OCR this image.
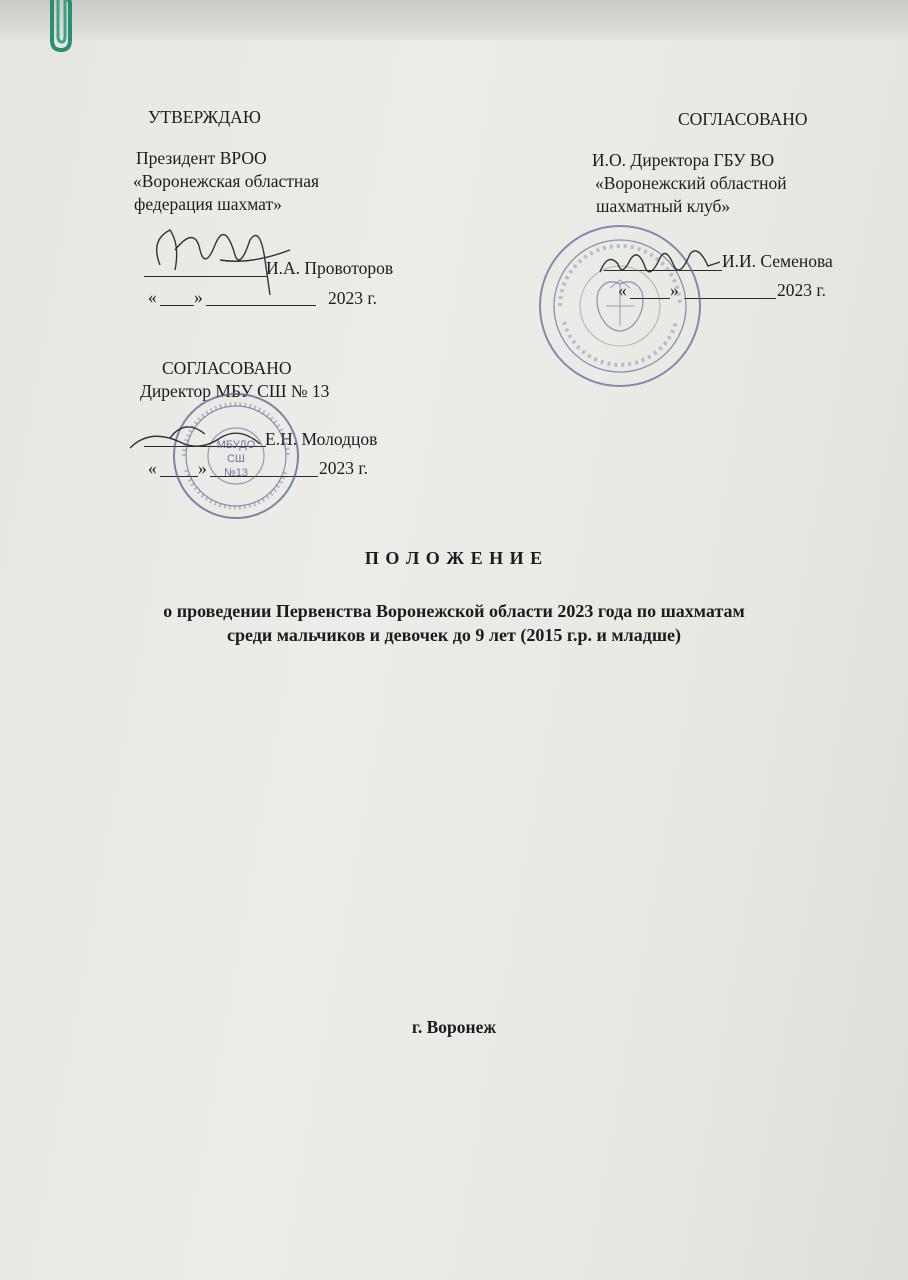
УТВЕРЖДАЮ
Президент ВРОО
«Воронежская областная
федерация шахмат»
И.А. Провоторов
« »	2023 г.
СОГЛАСОВАНО
И.О. Директора ГБУ ВО
«Воронежский областной
шахматный клуб»
И.И. Семенова
« »	2023 г.
СОГЛАСОВАНО
Директор МБУ СШ № 13
Е.Н. Молодцов
« »	2023 г.
МБУДО
СШ
№13
П О Л О Ж Е Н И Е
о проведении Первенства Воронежской области 2023 года по шахматам
среди мальчиков и девочек до 9 лет (2015 г.р. и младше)
г. Воронеж
